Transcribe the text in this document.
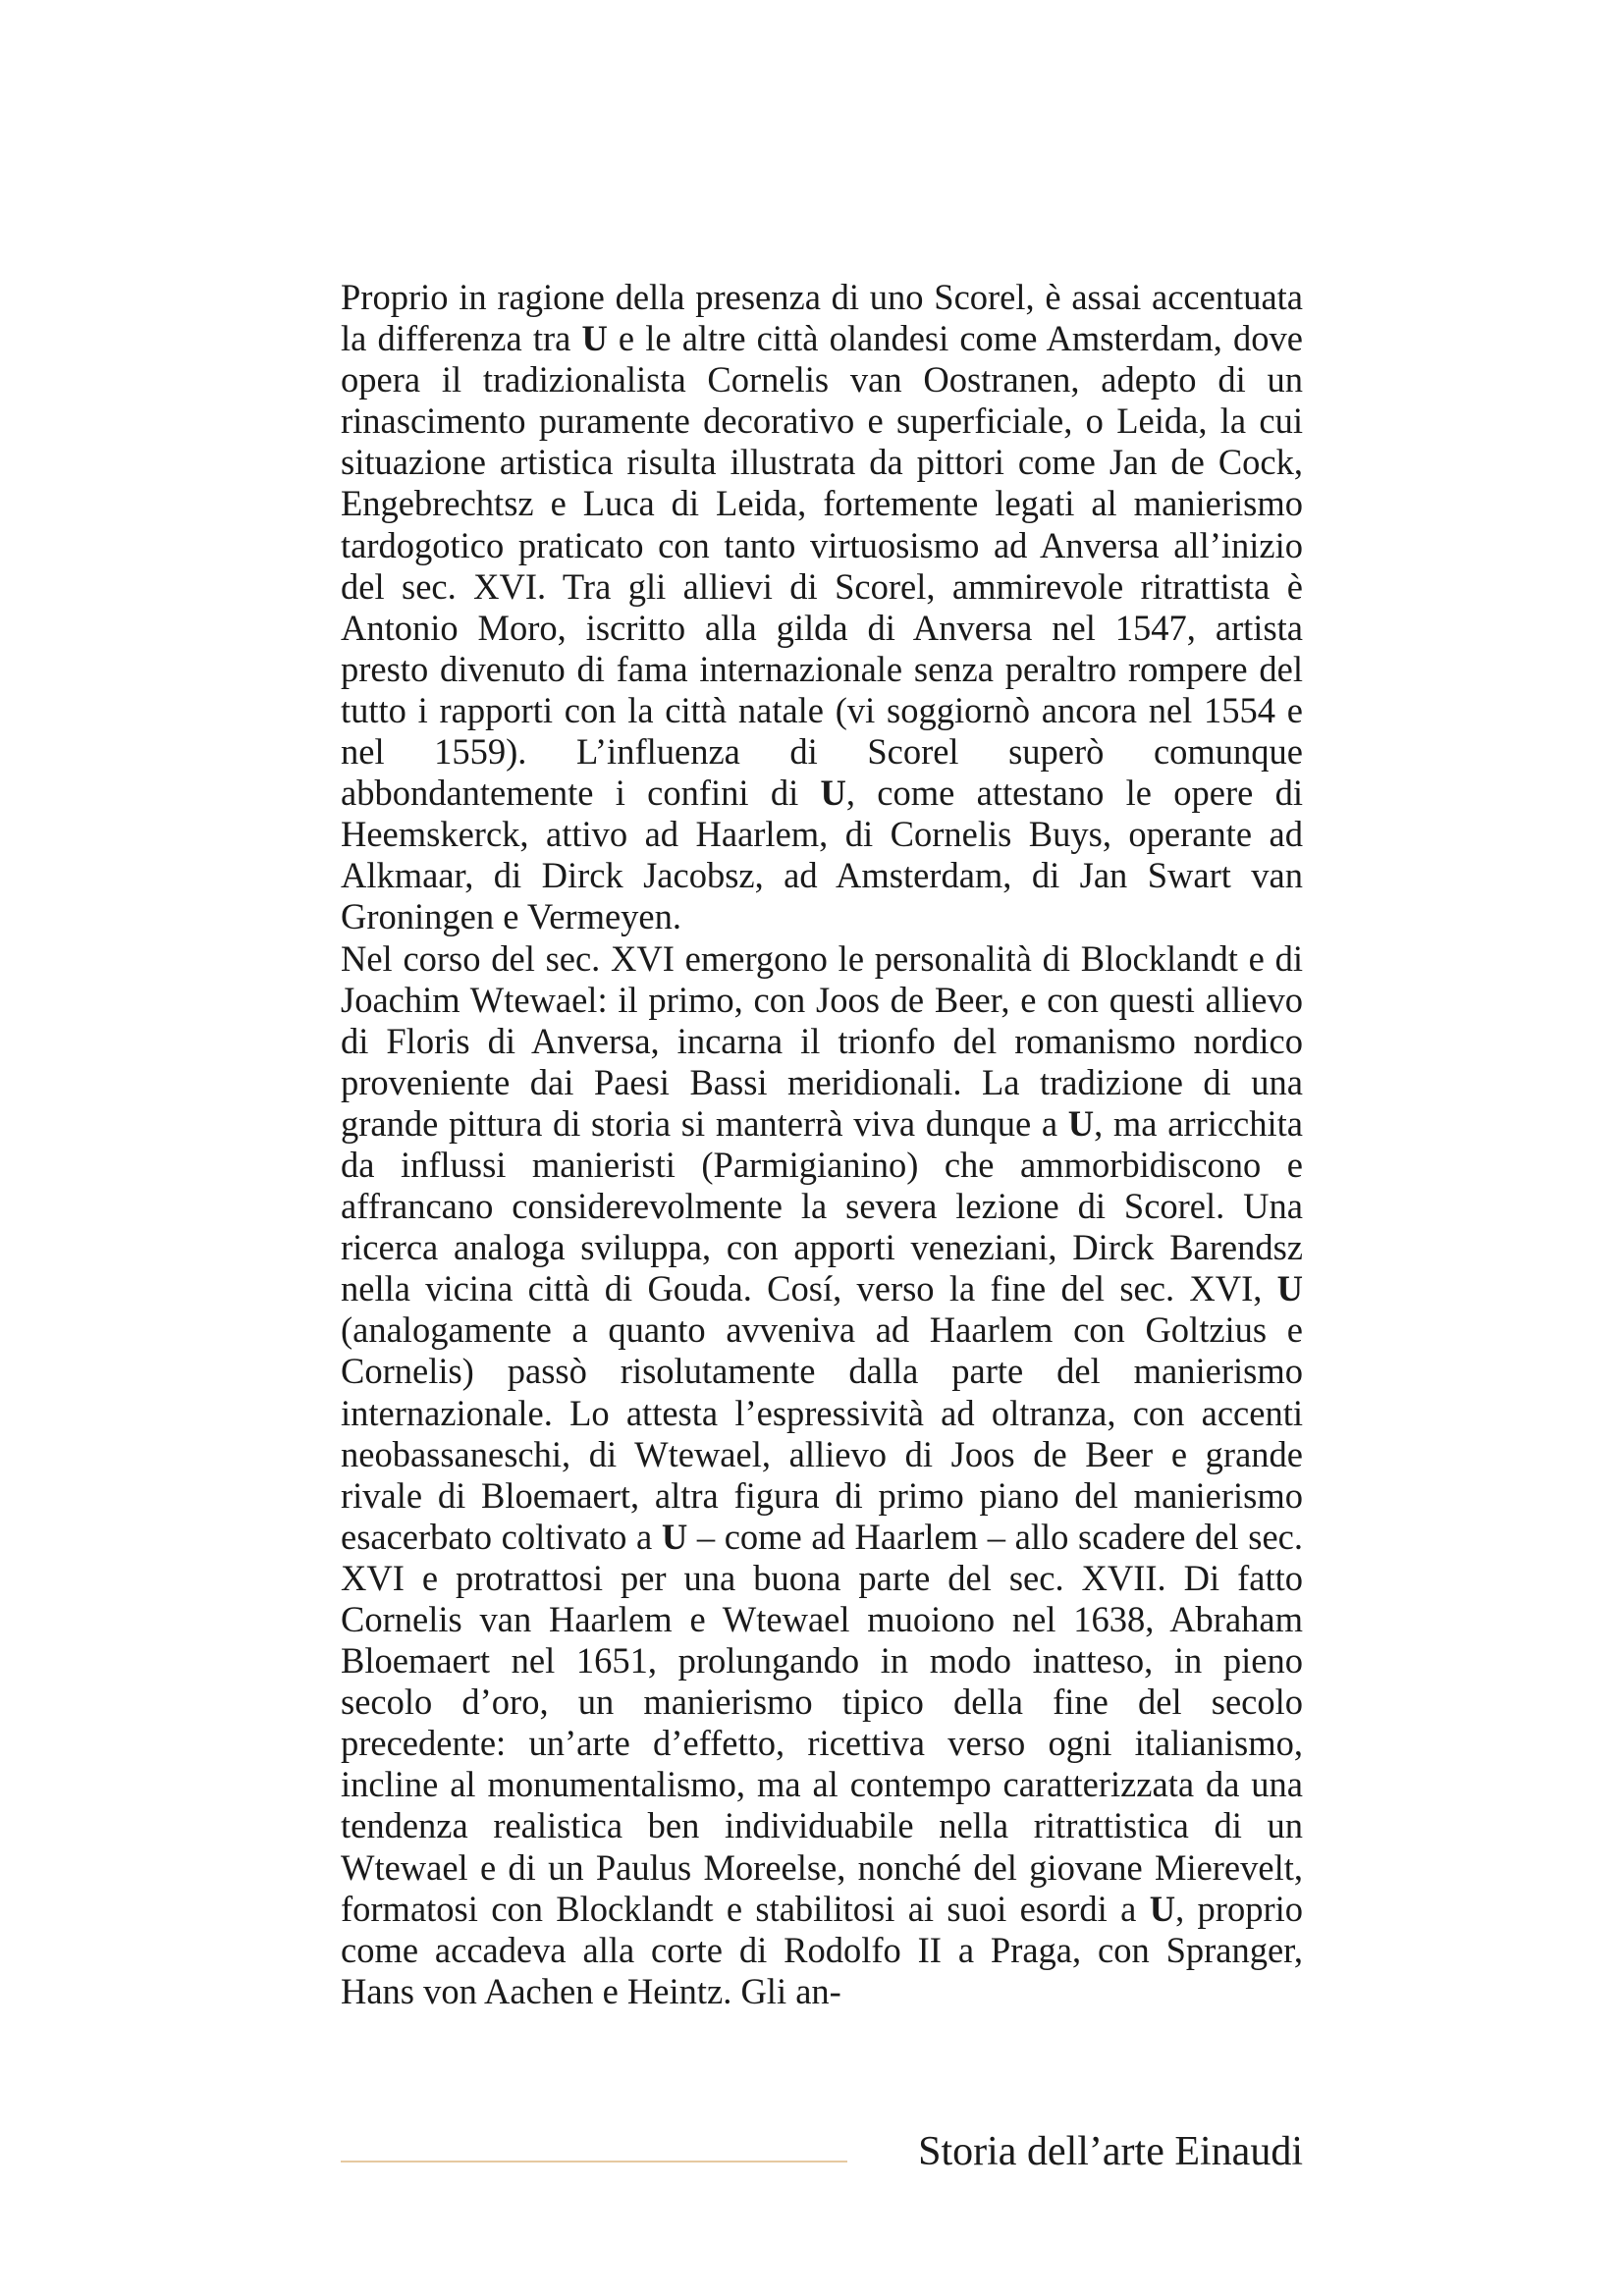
Proprio in ragione della presenza di uno Scorel, è assai accentuata la differenza tra U e le altre città olandesi come Amsterdam, dove opera il tradizionalista Cornelis van Oostranen, adepto di un rinascimento puramente decorativo e superficiale, o Leida, la cui situazione artistica risulta illustrata da pittori come Jan de Cock, Engebrechtsz e Luca di Leida, fortemente legati al manierismo tardogotico praticato con tanto virtuosismo ad Anversa all’inizio del sec. XVI. Tra gli allievi di Scorel, ammirevole ritrattista è Antonio Moro, iscritto alla gilda di Anversa nel 1547, artista presto divenuto di fama internazionale senza peraltro rompere del tutto i rapporti con la città natale (vi soggiornò ancora nel 1554 e nel 1559). L’influenza di Scorel superò comunque abbondantemente i confini di U, come attestano le opere di Heemskerck, attivo ad Haarlem, di Cornelis Buys, operante ad Alkmaar, di Dirck Jacobsz, ad Amsterdam, di Jan Swart van Groningen e Vermeyen.

Nel corso del sec. XVI emergono le personalità di Blocklandt e di Joachim Wtewael: il primo, con Joos de Beer, e con questi allievo di Floris di Anversa, incarna il trionfo del romanismo nordico proveniente dai Paesi Bassi meridionali. La tradizione di una grande pittura di storia si manterrà viva dunque a U, ma arricchita da influssi manieristi (Parmigianino) che ammorbidiscono e affrancano considerevolmente la severa lezione di Scorel. Una ricerca analoga sviluppa, con apporti veneziani, Dirck Barendsz nella vicina città di Gouda. Cosí, verso la fine del sec. XVI, U (analogamente a quanto avveniva ad Haarlem con Goltzius e Cornelis) passò risolutamente dalla parte del manierismo internazionale. Lo attesta l’espressività ad oltranza, con accenti neobassaneschi, di Wtewael, allievo di Joos de Beer e grande rivale di Bloemaert, altra figura di primo piano del manierismo esacerbato coltivato a U – come ad Haarlem – allo scadere del sec. XVI e protrattosi per una buona parte del sec. XVII. Di fatto Cornelis van Haarlem e Wtewael muoiono nel 1638, Abraham Bloemaert nel 1651, prolungando in modo inatteso, in pieno secolo d’oro, un manierismo tipico della fine del secolo precedente: un’arte d’effetto, ricettiva verso ogni italianismo, incline al monumentalismo, ma al contempo caratterizzata da una tendenza realistica ben individuabile nella ritrattistica di un Wtewael e di un Paulus Moreelse, nonché del giovane Mierevelt, formatosi con Blocklandt e stabilitosi ai suoi esordi a U, proprio come accadeva alla corte di Rodolfo II a Praga, con Spranger, Hans von Aachen e Heintz. Gli an-

Storia dell’arte Einaudi
